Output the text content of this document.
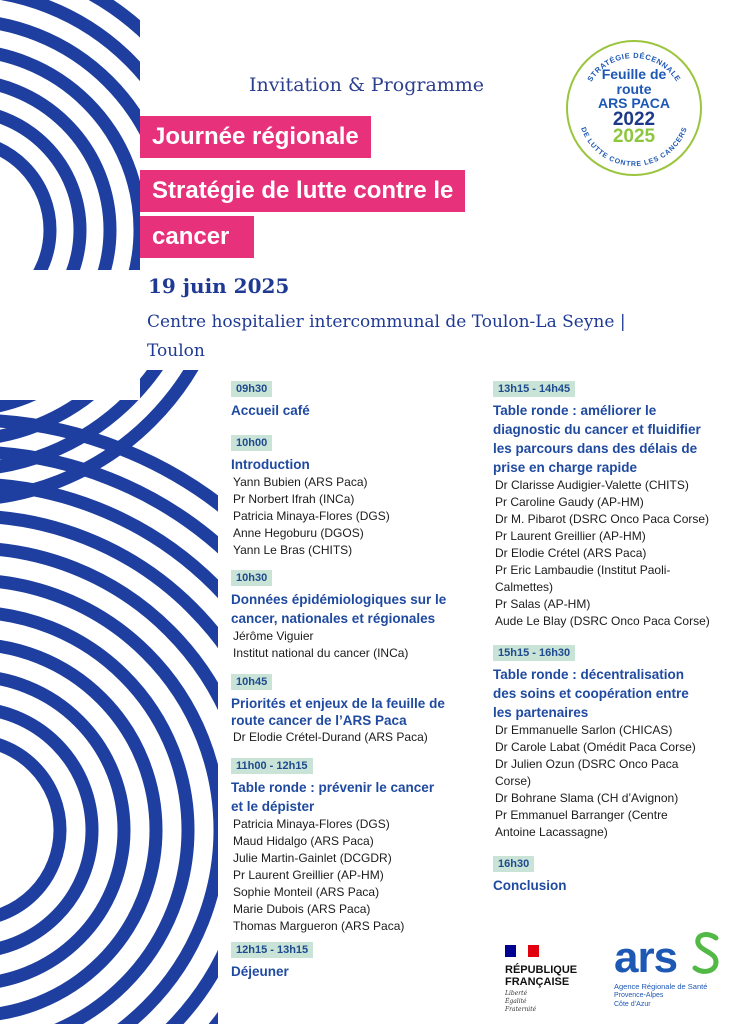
Invitation & Programme
Journée régionale
Stratégie de lutte contre le
cancer
19 juin 2025
Centre hospitalier intercommunal de Toulon-La Seyne |
Toulon
STRATÉGIE DÉCENNALE
DE LUTTE CONTRE LES CANCERS
Feuille de
route
ARS PACA
2022
2025
09h30
Accueil café
10h00
Introduction
Yann Bubien (ARS Paca)
Pr Norbert Ifrah (INCa)
Patricia Minaya-Flores (DGS)
Anne Hegoburu (DGOS)
Yann Le Bras (CHITS)
10h30
Données épidémiologiques sur le
cancer, nationales et régionales
Jérôme Viguier
Institut national du cancer (INCa)
10h45
Priorités et enjeux de la feuille de
route cancer de l’ARS Paca
Dr Elodie Crétel-Durand (ARS Paca)
11h00 - 12h15
Table ronde : prévenir le cancer
et le dépister
Patricia Minaya-Flores (DGS)
Maud Hidalgo (ARS Paca)
Julie Martin-Gainlet (DCGDR)
Pr Laurent Greillier (AP-HM)
Sophie Monteil (ARS Paca)
Marie Dubois (ARS Paca)
Thomas Margueron (ARS Paca)
12h15 - 13h15
Déjeuner
13h15 - 14h45
Table ronde : améliorer le
diagnostic du cancer et fluidifier
les parcours dans des délais de
prise en charge rapide
Dr Clarisse Audigier-Valette (CHITS)
Pr Caroline Gaudy (AP-HM)
Dr M. Pibarot (DSRC Onco Paca Corse)
Pr Laurent Greillier (AP-HM)
Dr Elodie Crétel (ARS Paca)
Pr Eric Lambaudie (Institut Paoli-
Calmettes)
Pr Salas (AP-HM)
Aude Le Blay (DSRC Onco Paca Corse)
15h15 - 16h30
Table ronde : décentralisation
des soins et coopération entre
les partenaires
Dr Emmanuelle Sarlon (CHICAS)
Dr Carole Labat (Omédit Paca Corse)
Dr Julien Ozun (DSRC Onco Paca
Corse)
Dr Bohrane Slama (CH d’Avignon)
Pr Emmanuel Barranger (Centre
Antoine Lacassagne)
16h30
Conclusion
RÉPUBLIQUE
FRANÇAISE
Liberté
Égalité
Fraternité
ars
Agence Régionale de Santé
Provence-Alpes
Côte d’Azur
